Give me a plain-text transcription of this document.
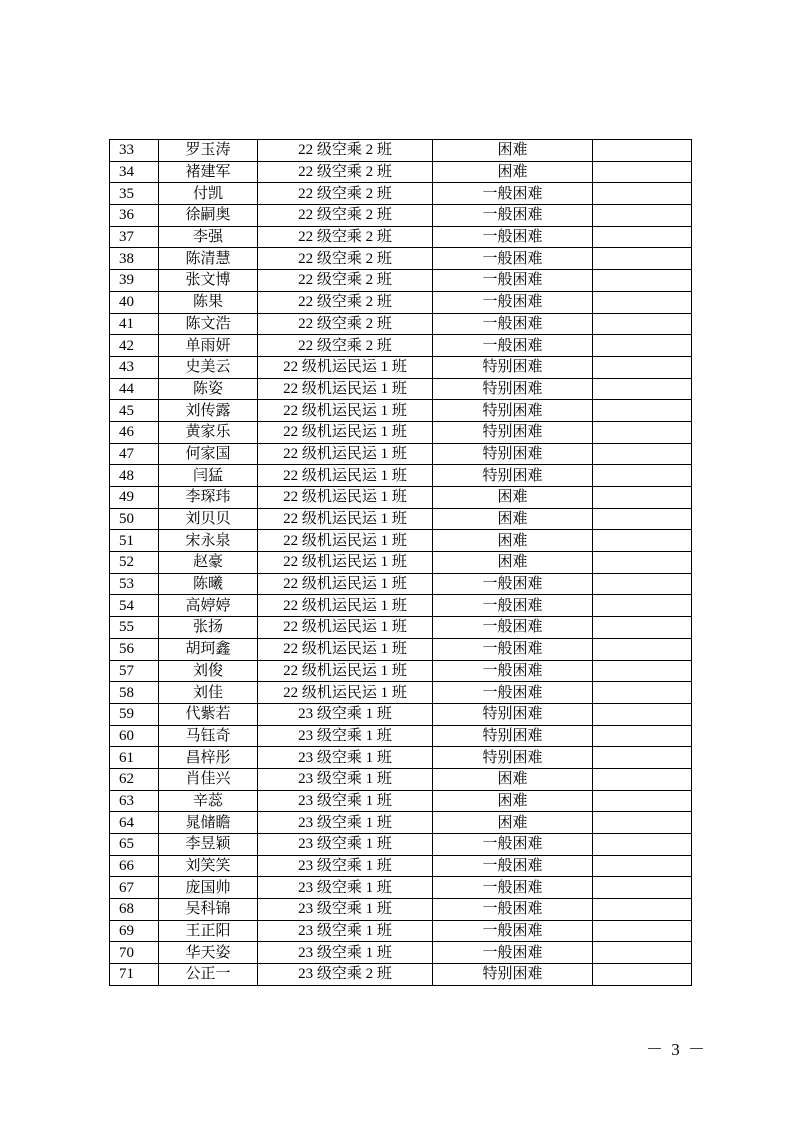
33	罗玉涛	22 级空乘 2 班	困难	
34	褚建军	22 级空乘 2 班	困难	
35	付凯	22 级空乘 2 班	一般困难	
36	徐嗣奥	22 级空乘 2 班	一般困难	
37	李强	22 级空乘 2 班	一般困难	
38	陈清慧	22 级空乘 2 班	一般困难	
39	张文博	22 级空乘 2 班	一般困难	
40	陈果	22 级空乘 2 班	一般困难	
41	陈文浩	22 级空乘 2 班	一般困难	
42	单雨妍	22 级空乘 2 班	一般困难	
43	史美云	22 级机运民运 1 班	特别困难	
44	陈姿	22 级机运民运 1 班	特别困难	
45	刘传露	22 级机运民运 1 班	特别困难	
46	黄家乐	22 级机运民运 1 班	特别困难	
47	何家国	22 级机运民运 1 班	特别困难	
48	闫猛	22 级机运民运 1 班	特别困难	
49	李琛玮	22 级机运民运 1 班	困难	
50	刘贝贝	22 级机运民运 1 班	困难	
51	宋永泉	22 级机运民运 1 班	困难	
52	赵豪	22 级机运民运 1 班	困难	
53	陈曦	22 级机运民运 1 班	一般困难	
54	高婷婷	22 级机运民运 1 班	一般困难	
55	张扬	22 级机运民运 1 班	一般困难	
56	胡珂鑫	22 级机运民运 1 班	一般困难	
57	刘俊	22 级机运民运 1 班	一般困难	
58	刘佳	22 级机运民运 1 班	一般困难	
59	代紫若	23 级空乘 1 班	特别困难	
60	马钰奇	23 级空乘 1 班	特别困难	
61	昌梓彤	23 级空乘 1 班	特别困难	
62	肖佳兴	23 级空乘 1 班	困难	
63	辛蕊	23 级空乘 1 班	困难	
64	晁储瞻	23 级空乘 1 班	困难	
65	李昱颖	23 级空乘 1 班	一般困难	
66	刘笑笑	23 级空乘 1 班	一般困难	
67	庞国帅	23 级空乘 1 班	一般困难	
68	吴科锦	23 级空乘 1 班	一般困难	
69	王正阳	23 级空乘 1 班	一般困难	
70	华天姿	23 级空乘 1 班	一般困难	
71	公正一	23 级空乘 2 班	特别困难	
－ 3 －
